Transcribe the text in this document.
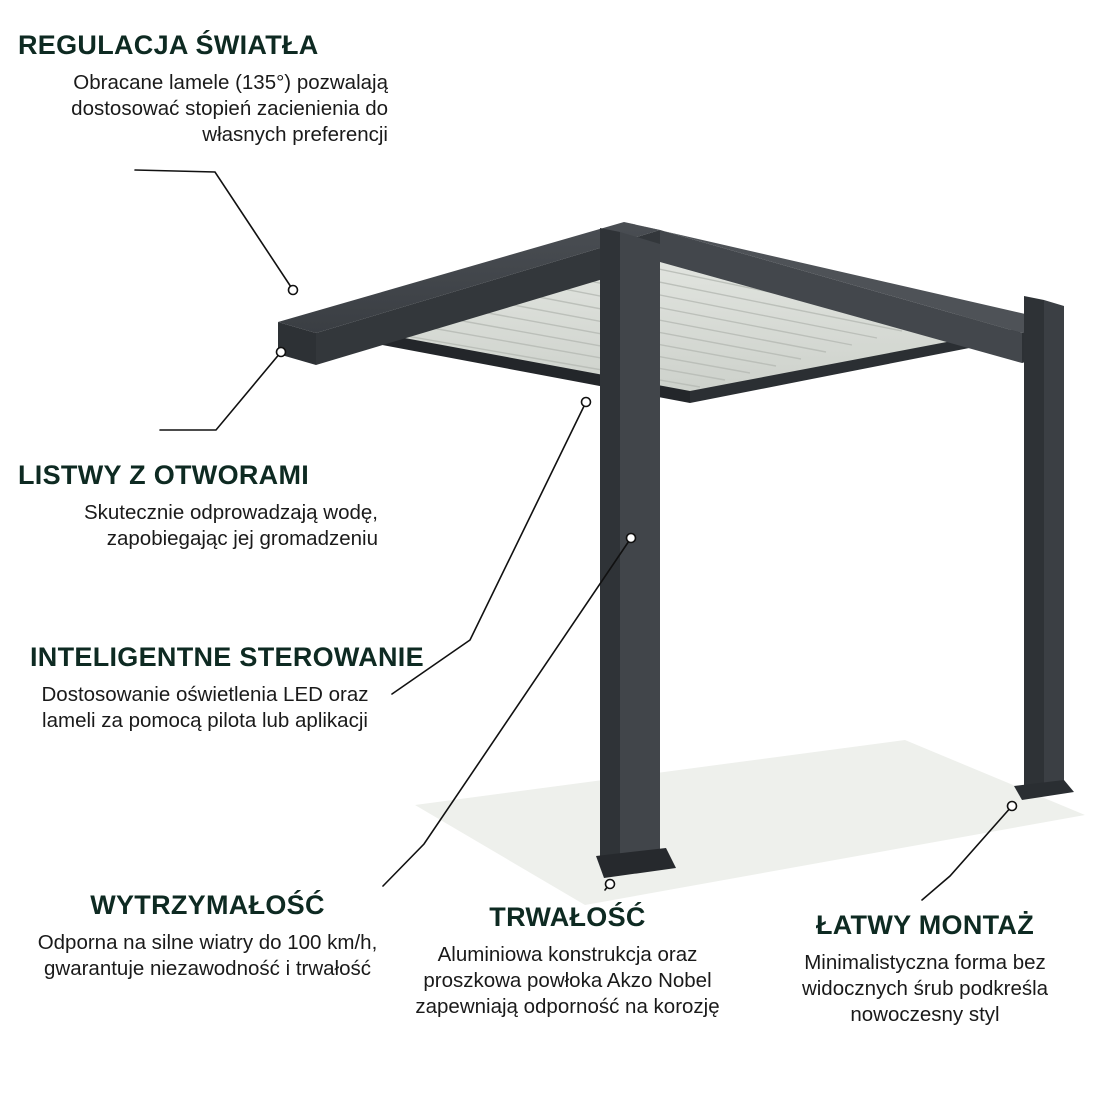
REGULACJA ŚWIATŁA

Obracane lamele (135°) pozwalają dostosować stopień zacienienia do własnych preferencji

LISTWY Z OTWORAMI

Skutecznie odprowadzają wodę, zapobiegając jej gromadzeniu

INTELIGENTNE STEROWANIE

Dostosowanie oświetlenia LED oraz lameli za pomocą pilota lub aplikacji

WYTRZYMAŁOŚĆ

Odporna na silne wiatry do 100 km/h, gwarantuje niezawodność i trwałość

TRWAŁOŚĆ

Aluminiowa konstrukcja oraz proszkowa powłoka Akzo Nobel zapewniają odporność na korozję

ŁATWY MONTAŻ

Minimalistyczna forma bez widocznych śrub podkreśla nowoczesny styl
